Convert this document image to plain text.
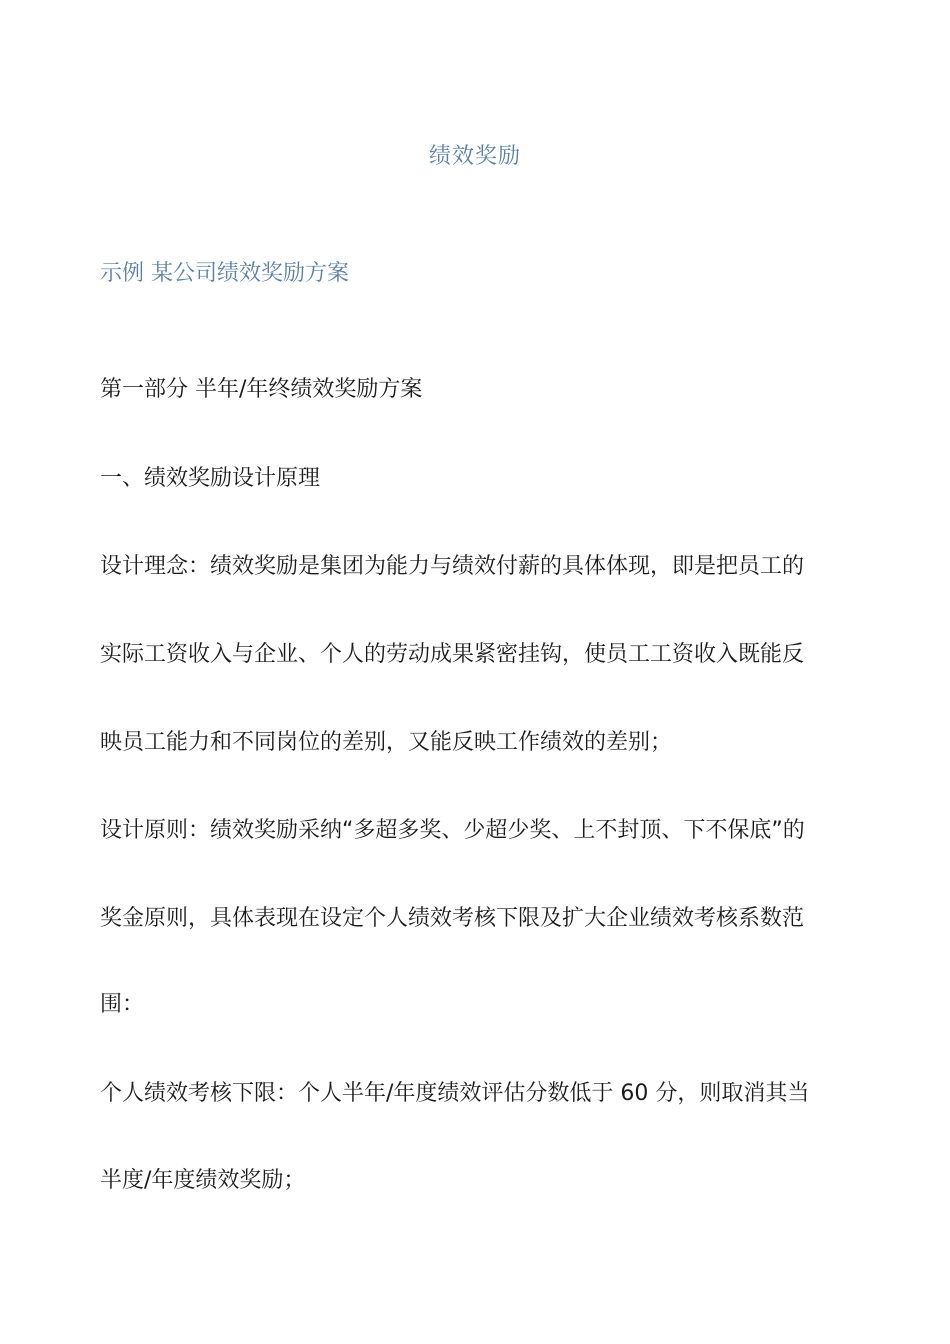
绩效奖励
示例 某公司绩效奖励方案
第一部分 半年/年终绩效奖励方案
一、绩效奖励设计原理
设计理念：绩效奖励是集团为能力与绩效付薪的具体体现，即是把员工的
实际工资收入与企业、个人的劳动成果紧密挂钩，使员工工资收入既能反
映员工能力和不同岗位的差别，又能反映工作绩效的差别；
设计原则：绩效奖励采纳“多超多奖、少超少奖、上不封顶、下不保底”的
奖金原则，具体表现在设定个人绩效考核下限及扩大企业绩效考核系数范
围：
个人绩效考核下限：个人半年/年度绩效评估分数低于 60 分，则取消其当
半度/年度绩效奖励；
